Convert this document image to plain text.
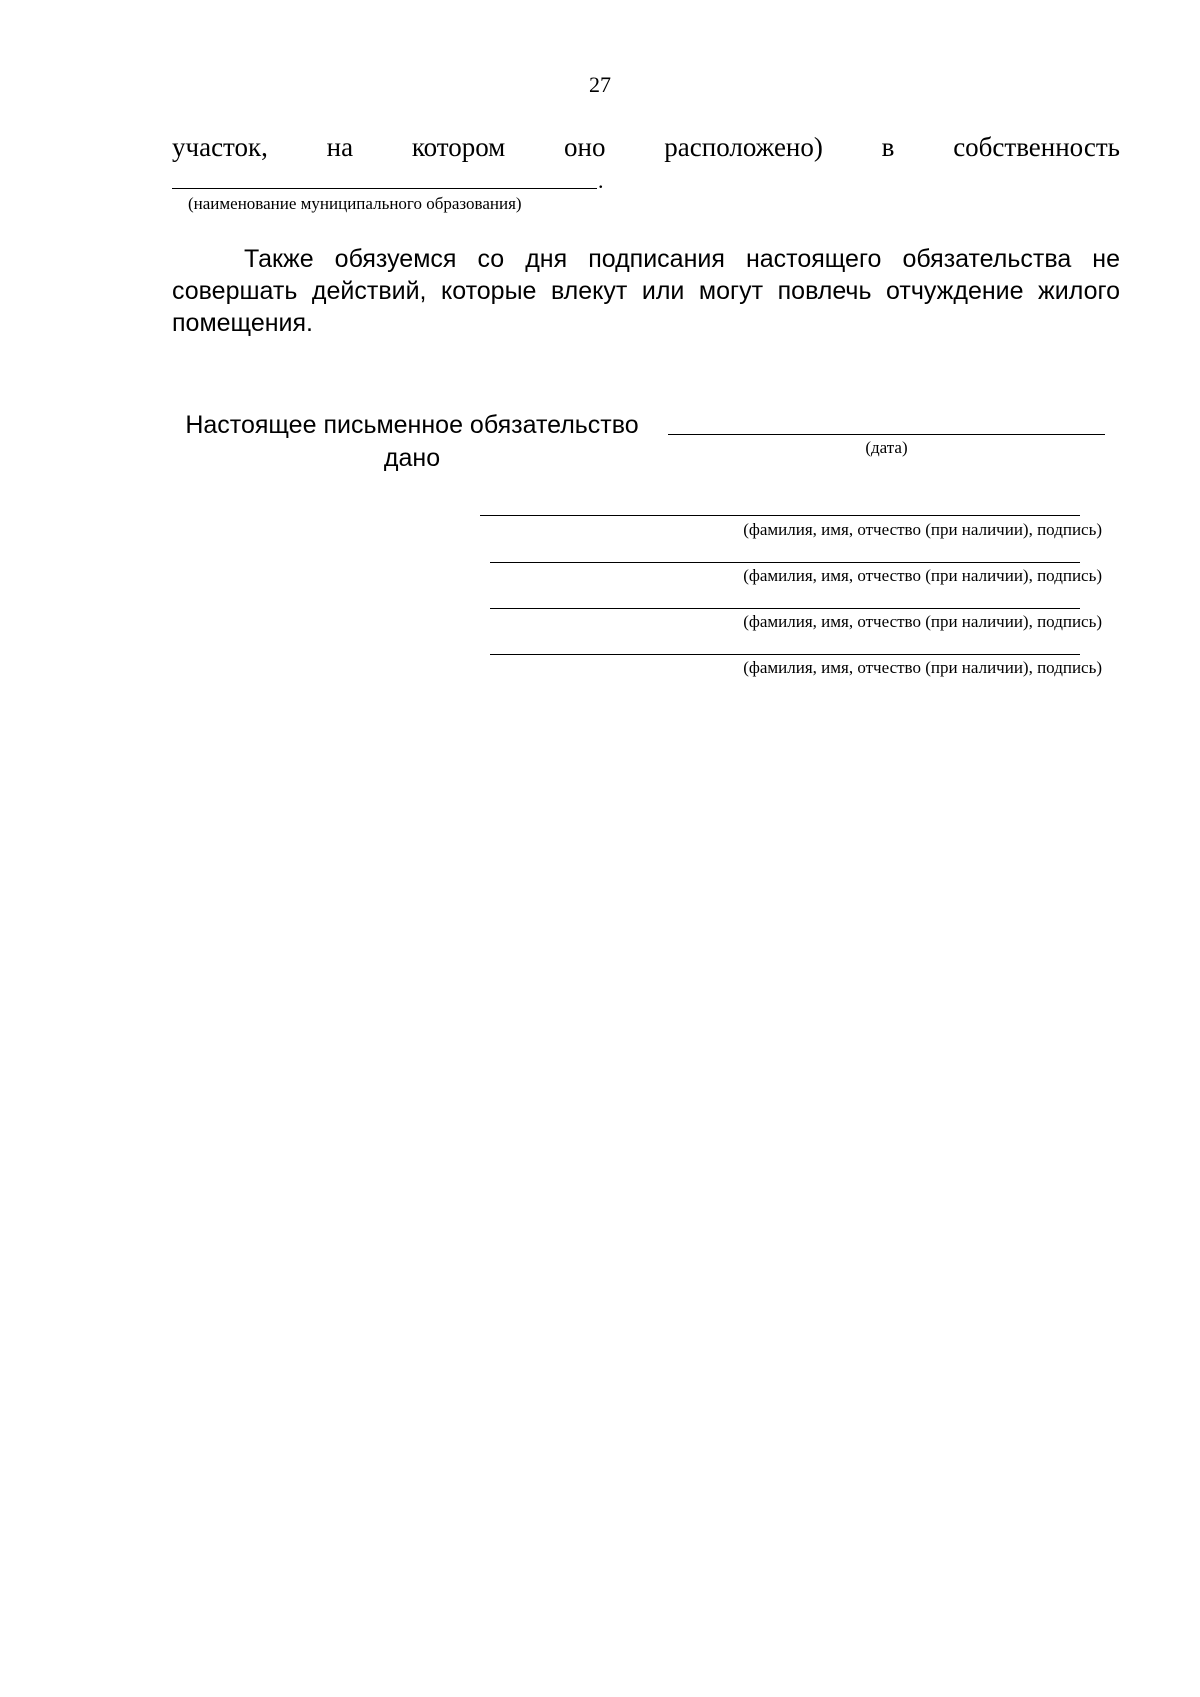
27
участок, на котором оно расположено) в собственность
.
(наименование муниципального образования)

Также обязуемся со дня подписания настоящего обязательства не совершать действий, которые влекут или могут повлечь отчуждение жилого помещения.

Настоящее письменное обязательство дано	(дата)
(фамилия, имя, отчество (при наличии), подпись)
(фамилия, имя, отчество (при наличии), подпись)
(фамилия, имя, отчество (при наличии), подпись)
(фамилия, имя, отчество (при наличии), подпись)
